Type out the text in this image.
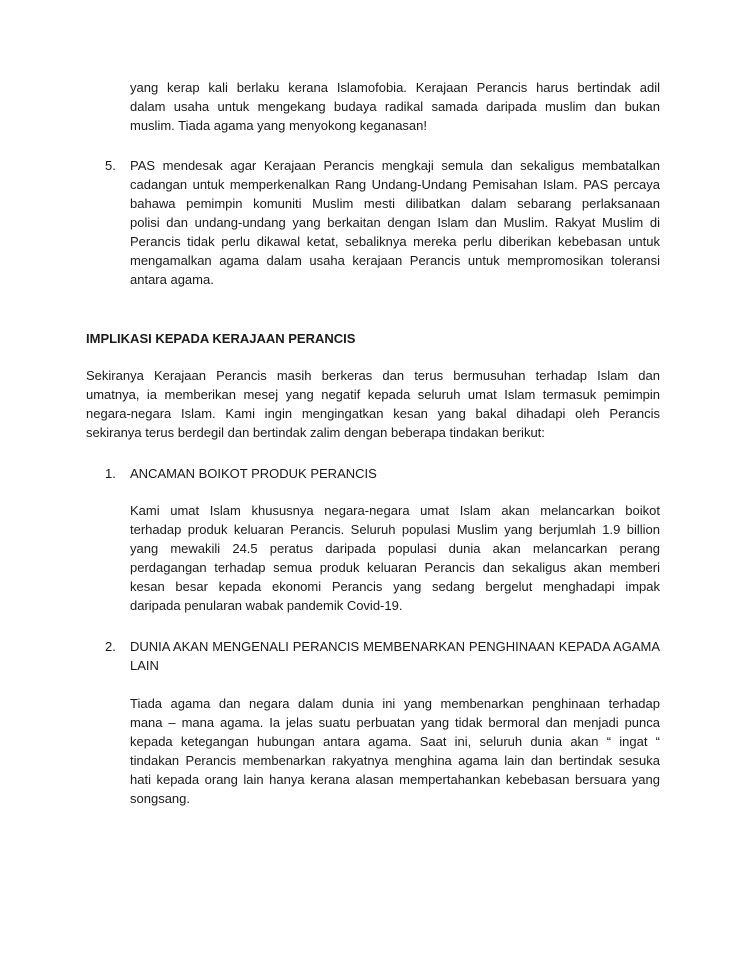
yang kerap kali berlaku kerana Islamofobia. Kerajaan Perancis harus bertindak adil
dalam usaha untuk mengekang budaya radikal samada daripada muslim dan bukan
muslim. Tiada agama yang menyokong keganasan!
5. PAS mendesak agar Kerajaan Perancis mengkaji semula dan sekaligus membatalkan
cadangan untuk memperkenalkan Rang Undang-Undang Pemisahan Islam. PAS percaya
bahawa pemimpin komuniti Muslim mesti dilibatkan dalam sebarang perlaksanaan
polisi dan undang-undang yang berkaitan dengan Islam dan Muslim. Rakyat Muslim di
Perancis tidak perlu dikawal ketat, sebaliknya mereka perlu diberikan kebebasan untuk
mengamalkan agama dalam usaha kerajaan Perancis untuk mempromosikan toleransi
antara agama.
IMPLIKASI KEPADA KERAJAAN PERANCIS
Sekiranya Kerajaan Perancis masih berkeras dan terus bermusuhan terhadap Islam dan
umatnya, ia memberikan mesej yang negatif kepada seluruh umat Islam termasuk pemimpin
negara-negara Islam. Kami ingin mengingatkan kesan yang bakal dihadapi oleh Perancis
sekiranya terus berdegil dan bertindak zalim dengan beberapa tindakan berikut:
1. ANCAMAN BOIKOT PRODUK PERANCIS
Kami umat Islam khususnya negara-negara umat Islam akan melancarkan boikot
terhadap produk keluaran Perancis. Seluruh populasi Muslim yang berjumlah 1.9 billion
yang mewakili 24.5 peratus daripada populasi dunia akan melancarkan perang
perdagangan terhadap semua produk keluaran Perancis dan sekaligus akan memberi
kesan besar kepada ekonomi Perancis yang sedang bergelut menghadapi impak
daripada penularan wabak pandemik Covid-19.
2. DUNIA AKAN MENGENALI PERANCIS MEMBENARKAN PENGHINAAN KEPADA AGAMA
LAIN
Tiada agama dan negara dalam dunia ini yang membenarkan penghinaan terhadap
mana – mana agama. Ia jelas suatu perbuatan yang tidak bermoral dan menjadi punca
kepada ketegangan hubungan antara agama. Saat ini, seluruh dunia akan “ ingat “
tindakan Perancis membenarkan rakyatnya menghina agama lain dan bertindak sesuka
hati kepada orang lain hanya kerana alasan mempertahankan kebebasan bersuara yang
songsang.
